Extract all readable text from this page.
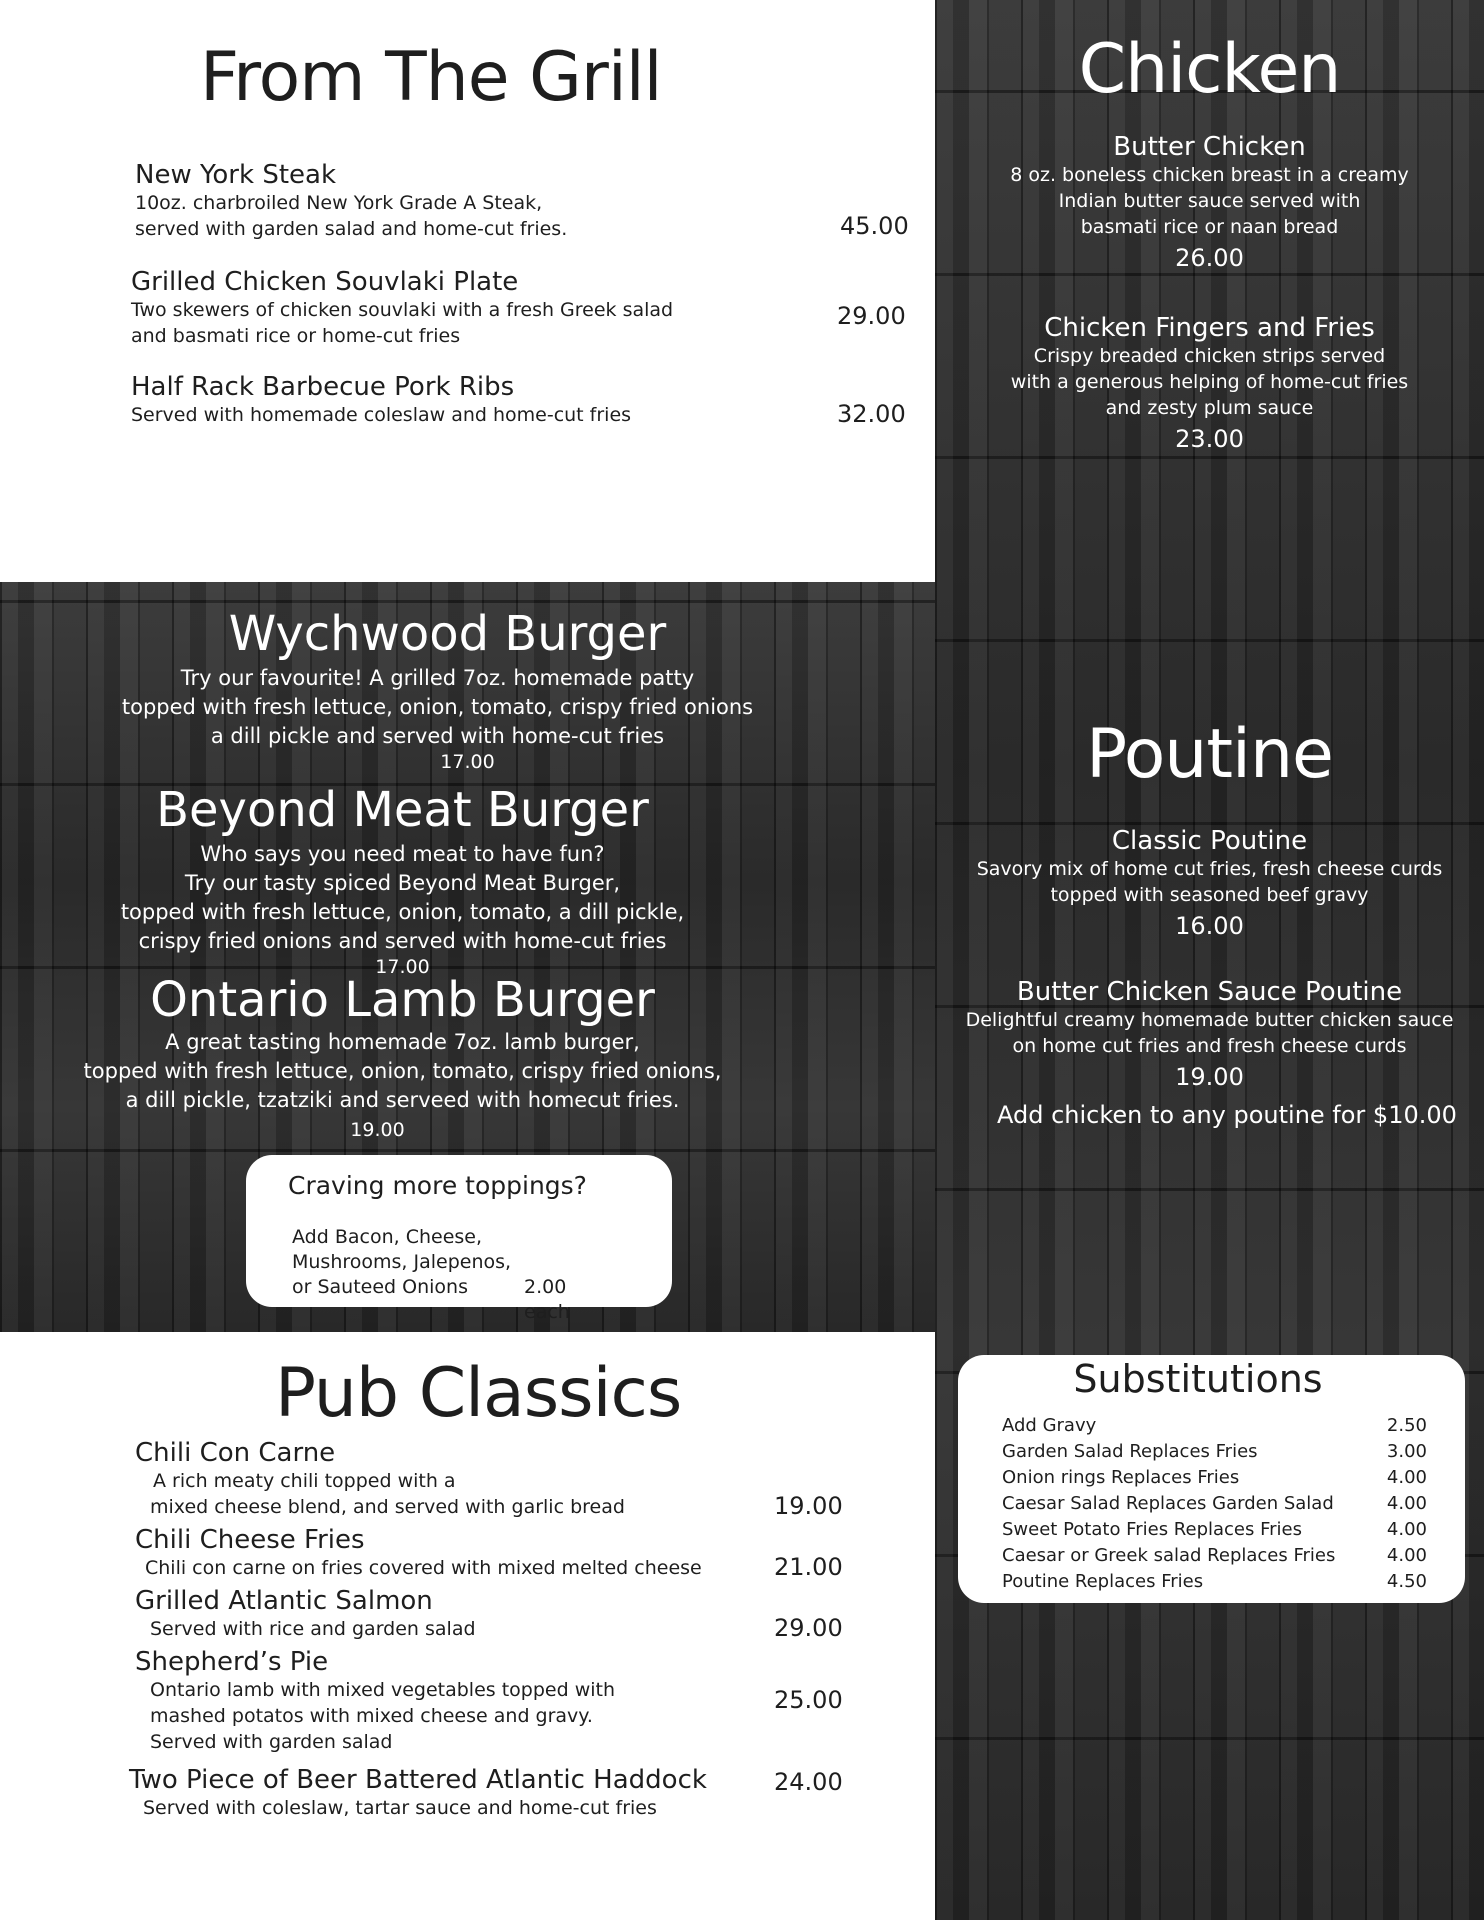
From The Grill
New York Steak
10oz. charbroiled New York Grade A Steak,
served with garden salad and home-cut fries.	45.00
Grilled Chicken Souvlaki Plate
Two skewers of chicken souvlaki with a fresh Greek salad
and basmati rice or home-cut fries
29.00
Half Rack Barbecue Pork Ribs
Served with homemade coleslaw and home-cut fries	32.00
Chicken
Butter Chicken
8 oz. boneless chicken breast in a creamy
Indian butter sauce served with
basmati rice or naan bread
26.00
Chicken Fingers and Fries
Crispy breaded chicken strips served
with a generous helping of home-cut fries
and zesty plum sauce
23.00
Poutine
Classic Poutine
Savory mix of home cut fries, fresh cheese curds
topped with seasoned beef gravy
16.00
Butter Chicken Sauce Poutine
Delightful creamy homemade butter chicken sauce
on home cut fries and fresh cheese curds
19.00
Add chicken to any poutine for $10.00
Substitutions
Add Gravy	2.50
Garden Salad Replaces Fries	3.00
Onion rings Replaces Fries	4.00
Caesar Salad Replaces Garden Salad	4.00
Sweet Potato Fries Replaces Fries	4.00
Caesar or Greek salad Replaces Fries	4.00
Poutine Replaces Fries	4.50
Wychwood Burger
Try our favourite! A grilled 7oz. homemade patty
topped with fresh lettuce, onion, tomato, crispy fried onions
a dill pickle and served with home-cut fries
17.00
Beyond Meat Burger
Who says you need meat to have fun?
Try our tasty spiced Beyond Meat Burger,
topped with fresh lettuce, onion, tomato, a dill pickle,
crispy fried onions and served with home-cut fries
17.00
Ontario Lamb Burger
A great tasting homemade 7oz. lamb burger,
topped with fresh lettuce, onion, tomato, crispy fried onions,
a dill pickle, tzatziki and serveed with homecut fries.
19.00
Craving more toppings?
Add Bacon, Cheese,
Mushrooms, Jalepenos,
or Sauteed Onions	2.00 each
Pub Classics
Chili Con Carne
A rich meaty chili topped with a
mixed cheese blend, and served with garlic bread	19.00
Chili Cheese Fries
Chili con carne on fries covered with mixed melted cheese	21.00
Grilled Atlantic Salmon
Served with rice and garden salad	29.00
Shepherd’s Pie
Ontario lamb with mixed vegetables topped with
mashed potatos with mixed cheese and gravy.
Served with garden salad
25.00
Two Piece of Beer Battered Atlantic Haddock
Served with coleslaw, tartar sauce and home-cut fries
24.00
